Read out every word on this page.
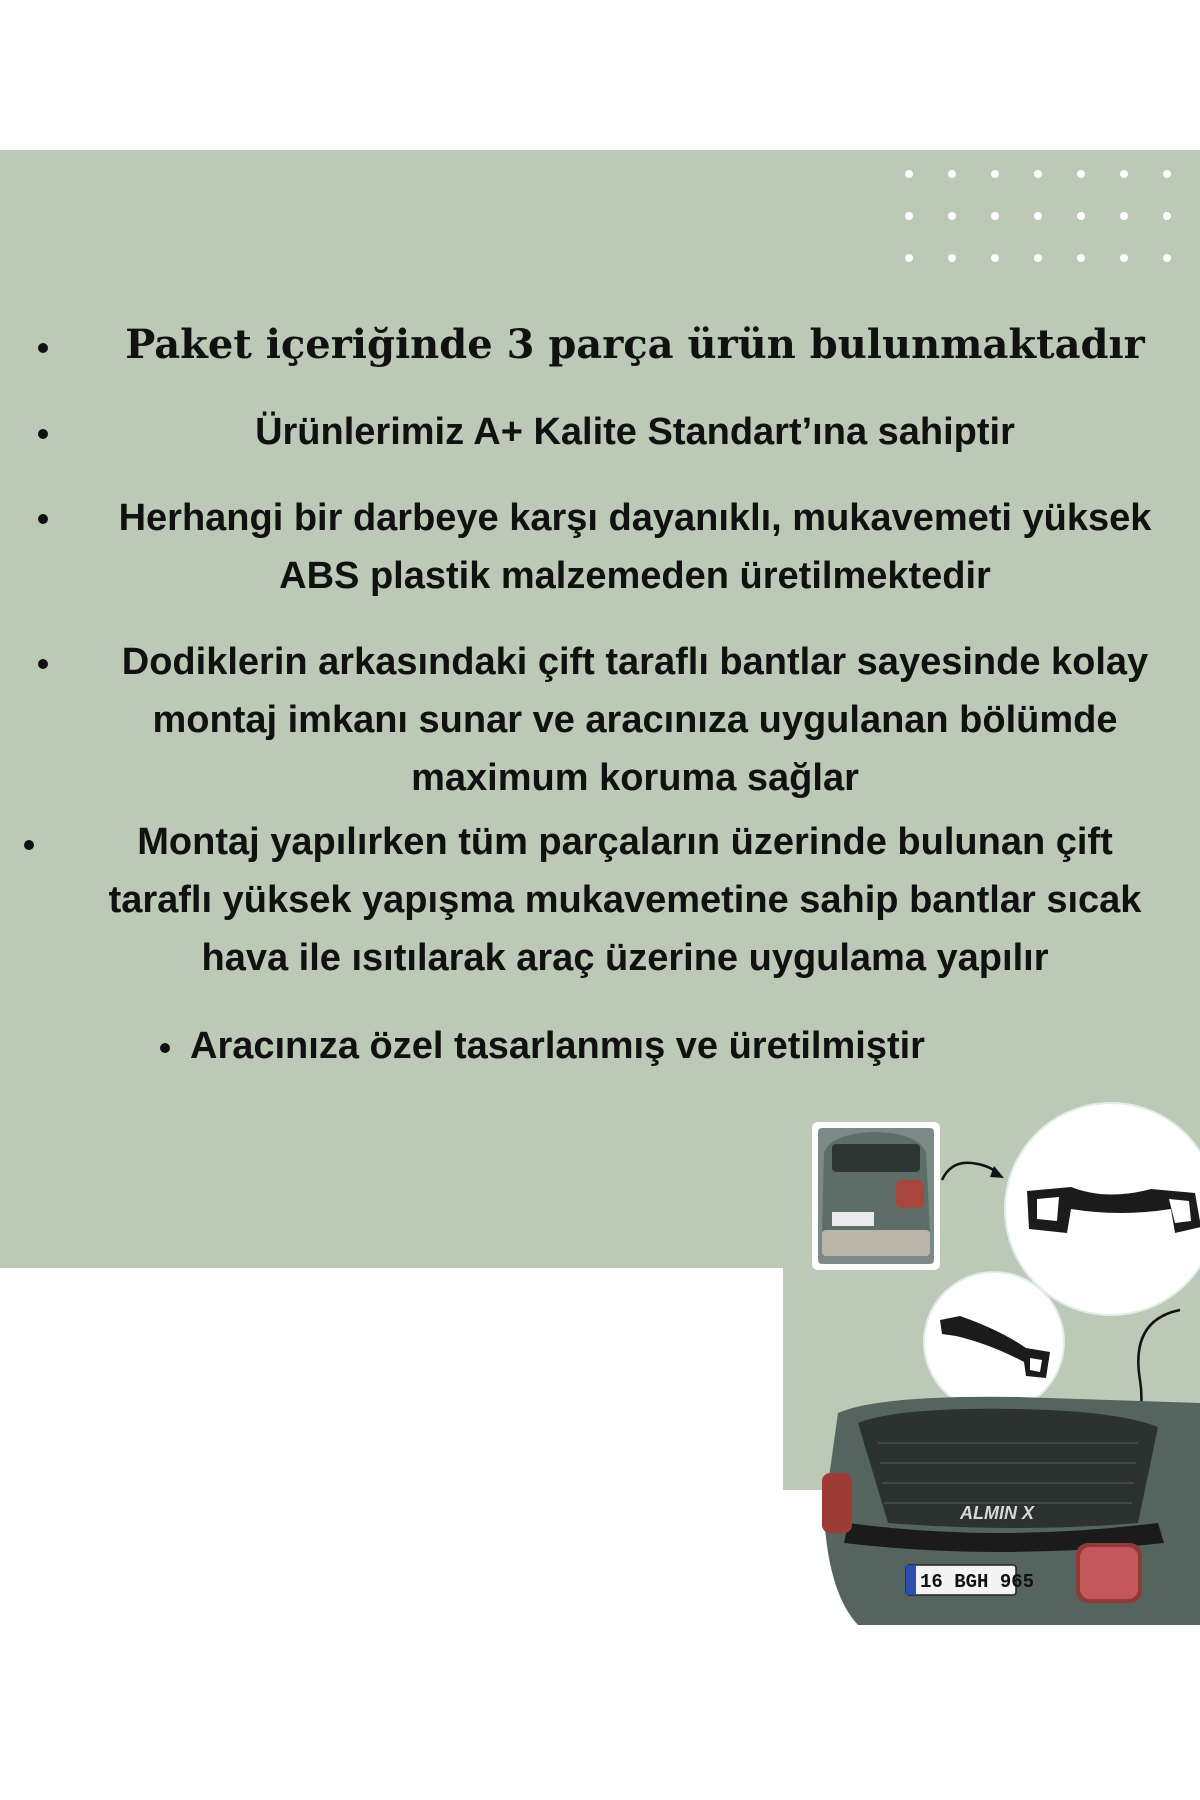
Paket içeriğinde 3 parça ürün bulunmaktadır
Ürünlerimiz A+ Kalite Standart’ına sahiptir
Herhangi bir darbeye karşı dayanıklı, mukavemeti yüksek
ABS plastik malzemeden üretilmektedir
Dodiklerin arkasındaki çift taraflı bantlar sayesinde kolay
montaj imkanı sunar ve aracınıza uygulanan bölümde
maximum koruma sağlar
Montaj yapılırken tüm parçaların üzerinde bulunan çift
taraflı yüksek yapışma mukavemetine sahip bantlar sıcak
hava ile ısıtılarak araç üzerine uygulama yapılır
Aracınıza özel tasarlanmış ve üretilmiştir
ALMIN X
16 BGH 965
